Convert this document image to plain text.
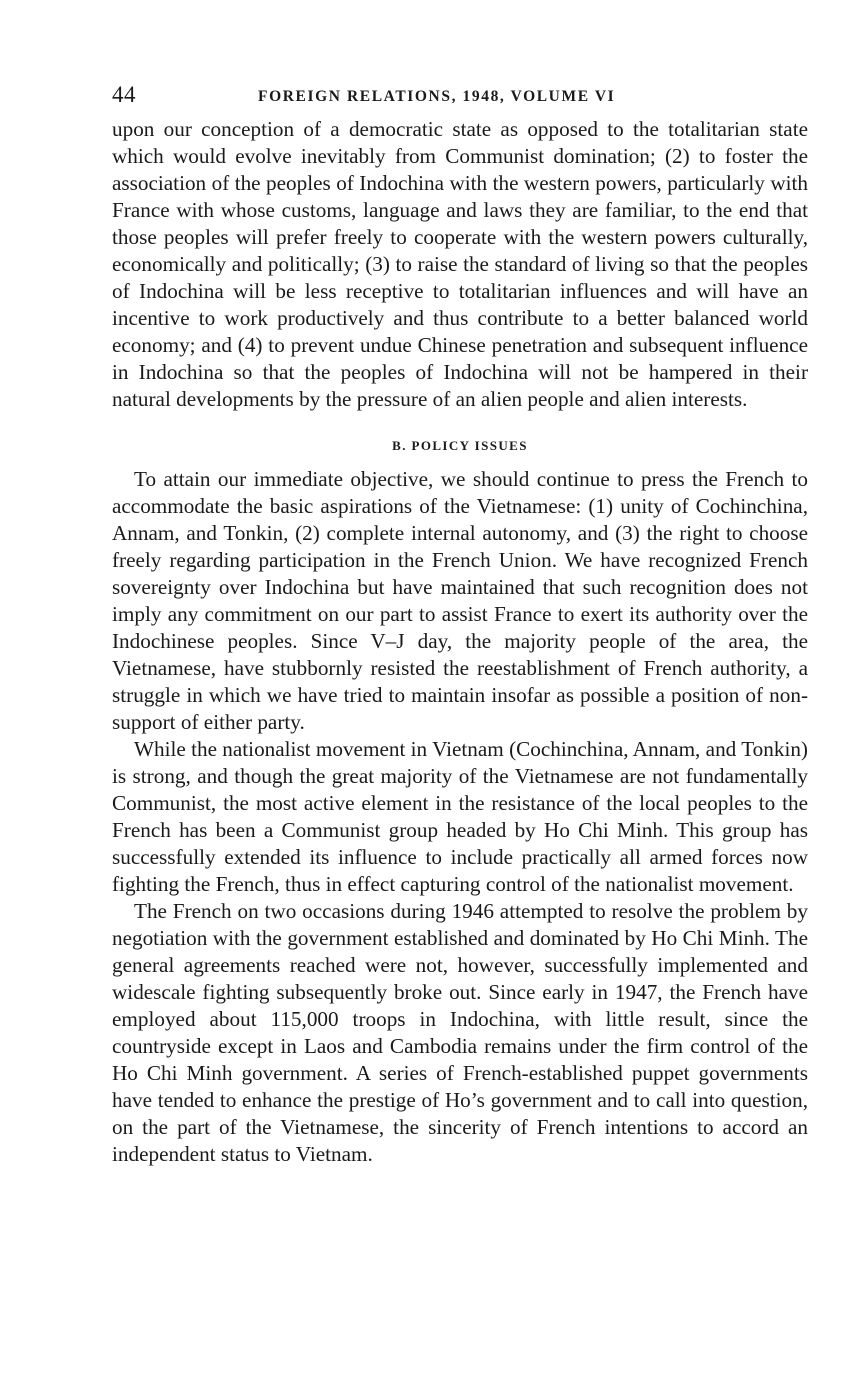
44	FOREIGN RELATIONS, 1948, VOLUME VI

upon our conception of a democratic state as opposed to the totalitarian state which would evolve inevitably from Communist domination; (2) to foster the association of the peoples of Indochina with the western powers, particularly with France with whose customs, language and laws they are familiar, to the end that those peoples will prefer freely to cooperate with the western powers culturally, economically and politically; (3) to raise the standard of living so that the peoples of Indochina will be less receptive to totalitarian influences and will have an incentive to work productively and thus contribute to a better balanced world economy; and (4) to prevent undue Chinese penetration and subsequent influence in Indochina so that the peoples of Indochina will not be hampered in their natural developments by the pressure of an alien people and alien interests.

B. POLICY ISSUES

To attain our immediate objective, we should continue to press the French to accommodate the basic aspirations of the Vietnamese: (1) unity of Cochinchina, Annam, and Tonkin, (2) complete internal autonomy, and (3) the right to choose freely regarding participation in the French Union. We have recognized French sovereignty over Indochina but have maintained that such recognition does not imply any commitment on our part to assist France to exert its authority over the Indochinese peoples. Since V–J day, the majority people of the area, the Vietnamese, have stubbornly resisted the reestablishment of French authority, a struggle in which we have tried to maintain insofar as possible a position of non-support of either party.

While the nationalist movement in Vietnam (Cochinchina, Annam, and Tonkin) is strong, and though the great majority of the Vietnamese are not fundamentally Communist, the most active element in the resistance of the local peoples to the French has been a Communist group headed by Ho Chi Minh. This group has successfully extended its influence to include practically all armed forces now fighting the French, thus in effect capturing control of the nationalist movement.

The French on two occasions during 1946 attempted to resolve the problem by negotiation with the government established and dominated by Ho Chi Minh. The general agreements reached were not, however, successfully implemented and widescale fighting subsequently broke out. Since early in 1947, the French have employed about 115,000 troops in Indochina, with little result, since the countryside except in Laos and Cambodia remains under the firm control of the Ho Chi Minh government. A series of French-established puppet governments have tended to enhance the prestige of Ho’s government and to call into question, on the part of the Vietnamese, the sincerity of French intentions to accord an independent status to Vietnam.
